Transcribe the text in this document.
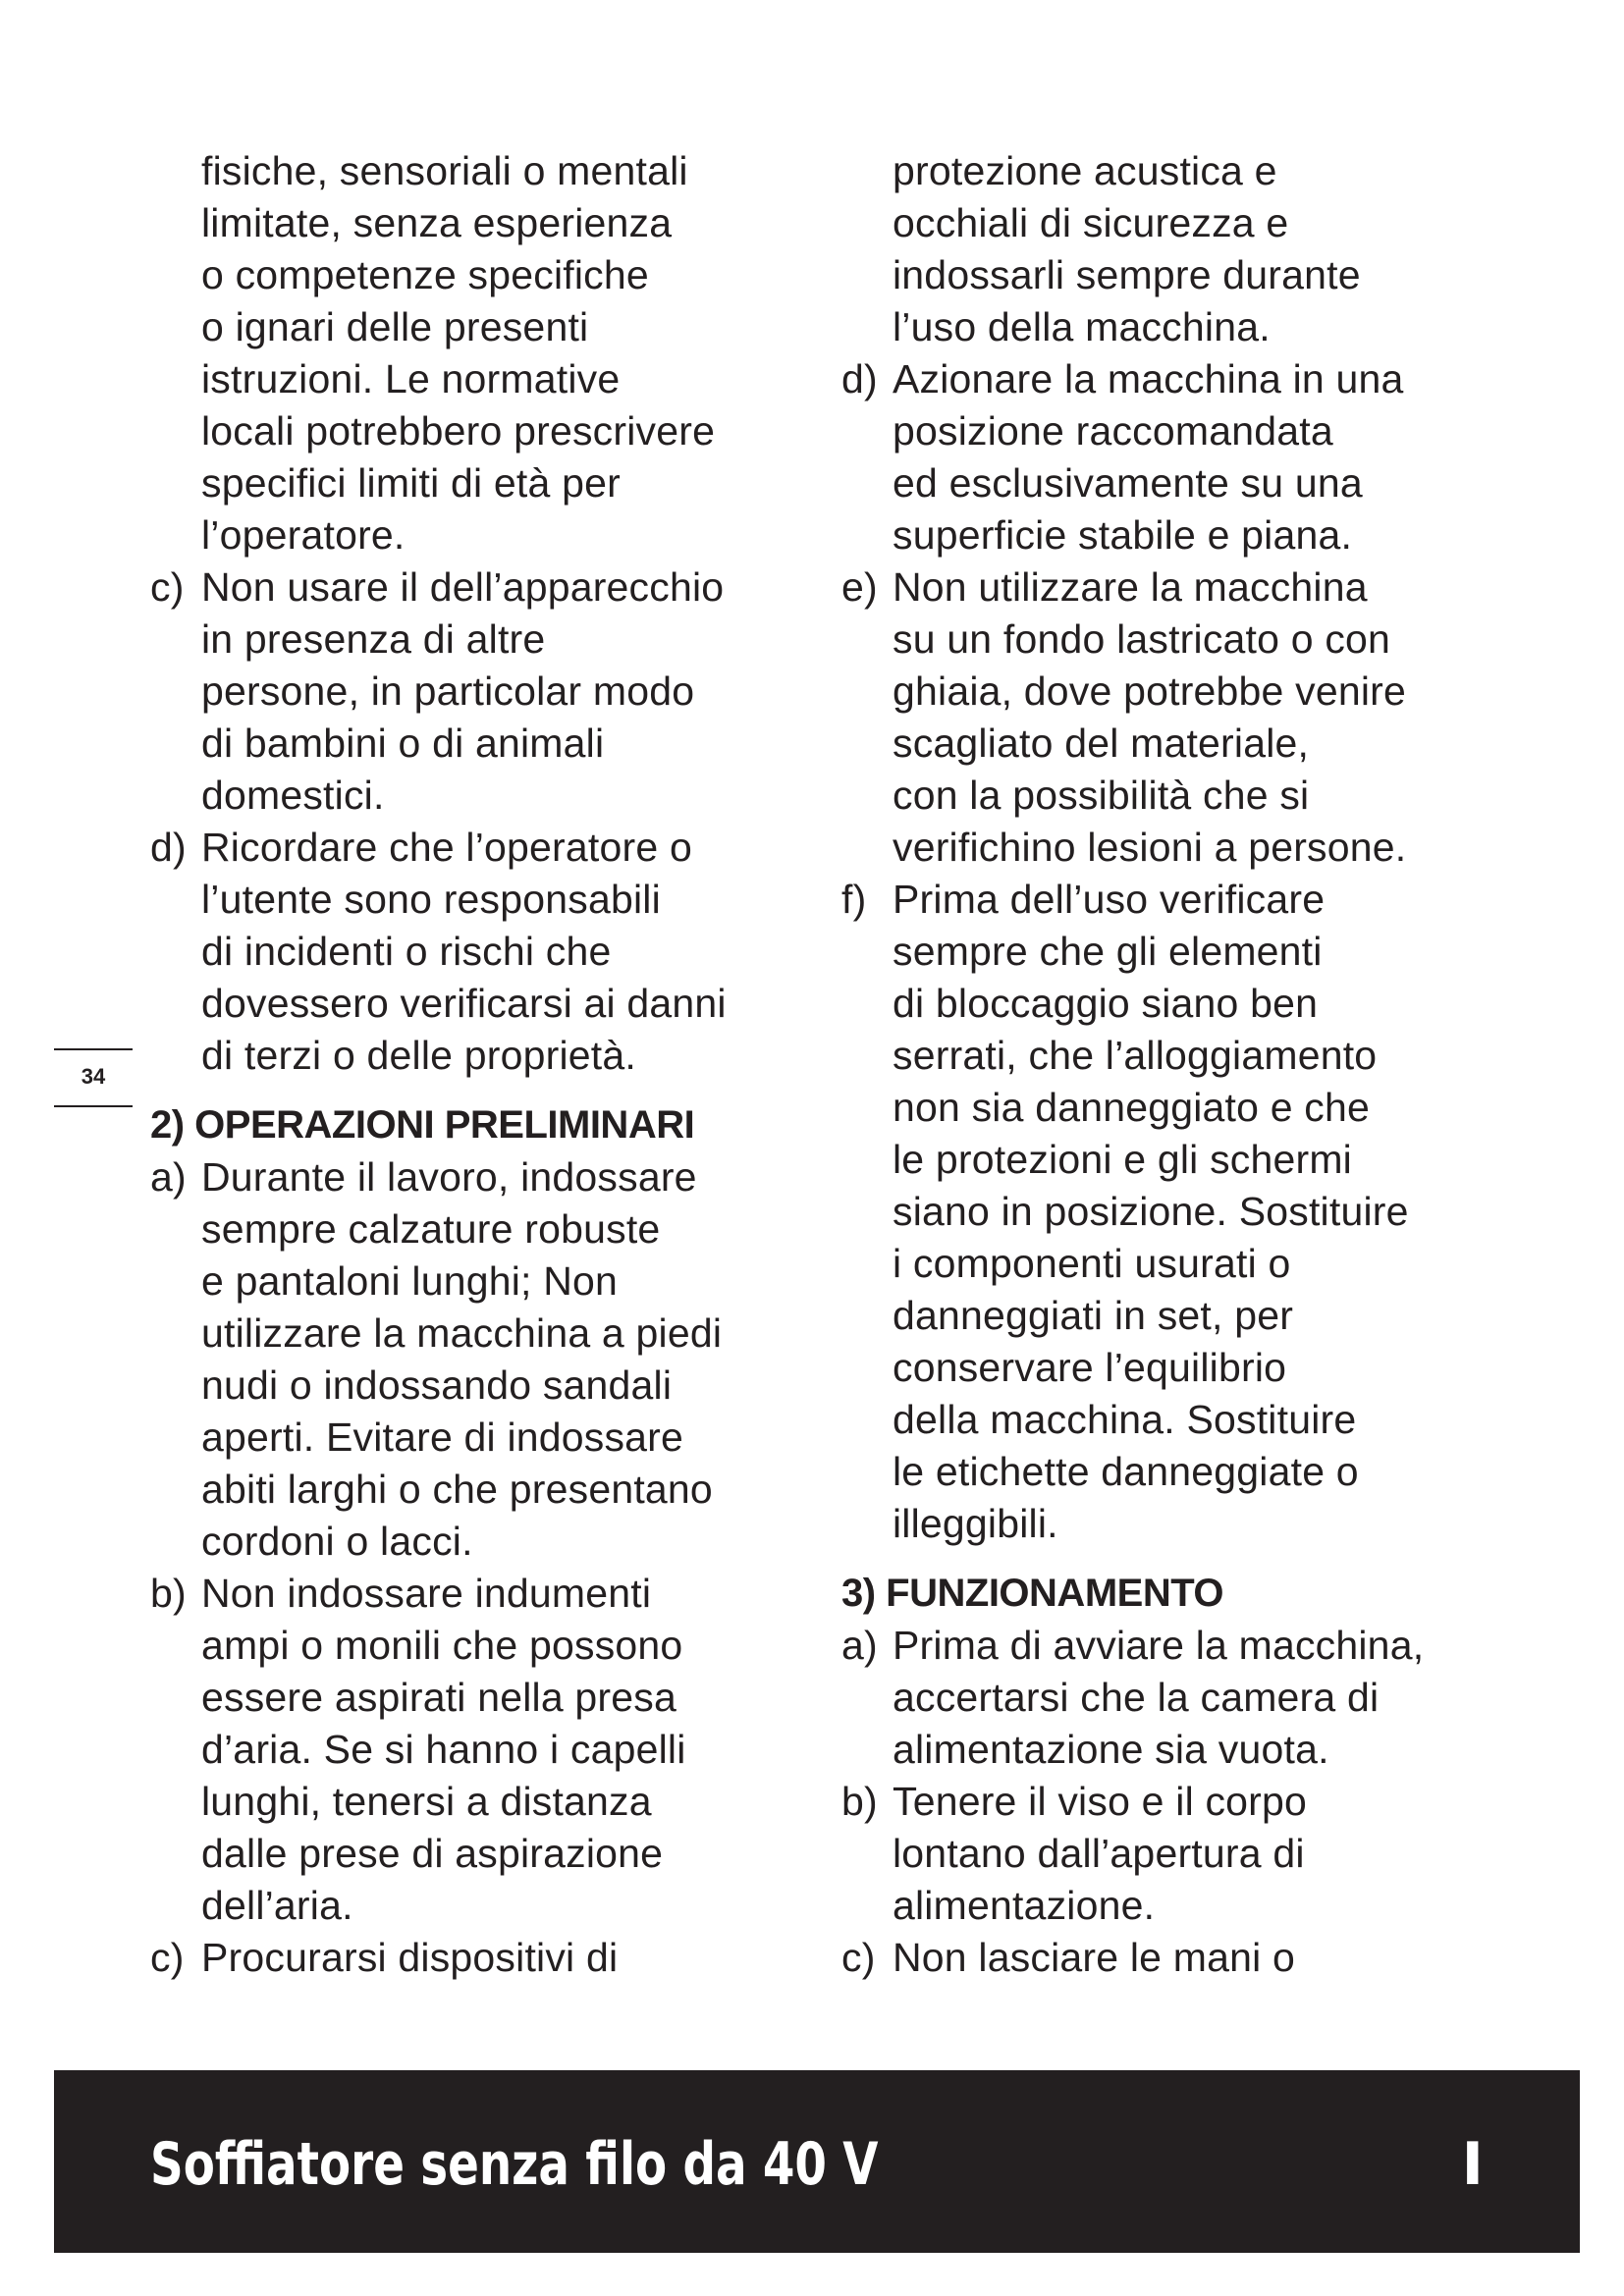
fisiche, sensoriali o mentali
limitate, senza esperienza
o competenze specifiche
o ignari delle presenti
istruzioni. Le normative
locali potrebbero prescrivere
specifici limiti di età per
l’operatore.
c) Non usare il dell’apparecchio
in presenza di altre
persone, in particolar modo
di bambini o di animali
domestici.
d) Ricordare che l’operatore o
l’utente sono responsabili
di incidenti o rischi che
dovessero verificarsi ai danni
di terzi o delle proprietà.
2) OPERAZIONI PRELIMINARI
a) Durante il lavoro, indossare
sempre calzature robuste
e pantaloni lunghi; Non
utilizzare la macchina a piedi
nudi o indossando sandali
aperti. Evitare di indossare
abiti larghi o che presentano
cordoni o lacci.
b) Non indossare indumenti
ampi o monili che possono
essere aspirati nella presa
d’aria. Se si hanno i capelli
lunghi, tenersi a distanza
dalle prese di aspirazione
dell’aria.
c) Procurarsi dispositivi di
protezione acustica e
occhiali di sicurezza e
indossarli sempre durante
l’uso della macchina.
d) Azionare la macchina in una
posizione raccomandata
ed esclusivamente su una
superficie stabile e piana.
e) Non utilizzare la macchina
su un fondo lastricato o con
ghiaia, dove potrebbe venire
scagliato del materiale,
con la possibilità che si
verifichino lesioni a persone.
f) Prima dell’uso verificare
sempre che gli elementi
di bloccaggio siano ben
serrati, che l’alloggiamento
non sia danneggiato e che
le protezioni e gli schermi
siano in posizione. Sostituire
i componenti usurati o
danneggiati in set, per
conservare l’equilibrio
della macchina. Sostituire
le etichette danneggiate o
illeggibili.
3) FUNZIONAMENTO
a) Prima di avviare la macchina,
accertarsi che la camera di
alimentazione sia vuota.
b) Tenere il viso e il corpo
lontano dall’apertura di
alimentazione.
c) Non lasciare le mani o
34
Soffiatore senza filo da 40 V	I
